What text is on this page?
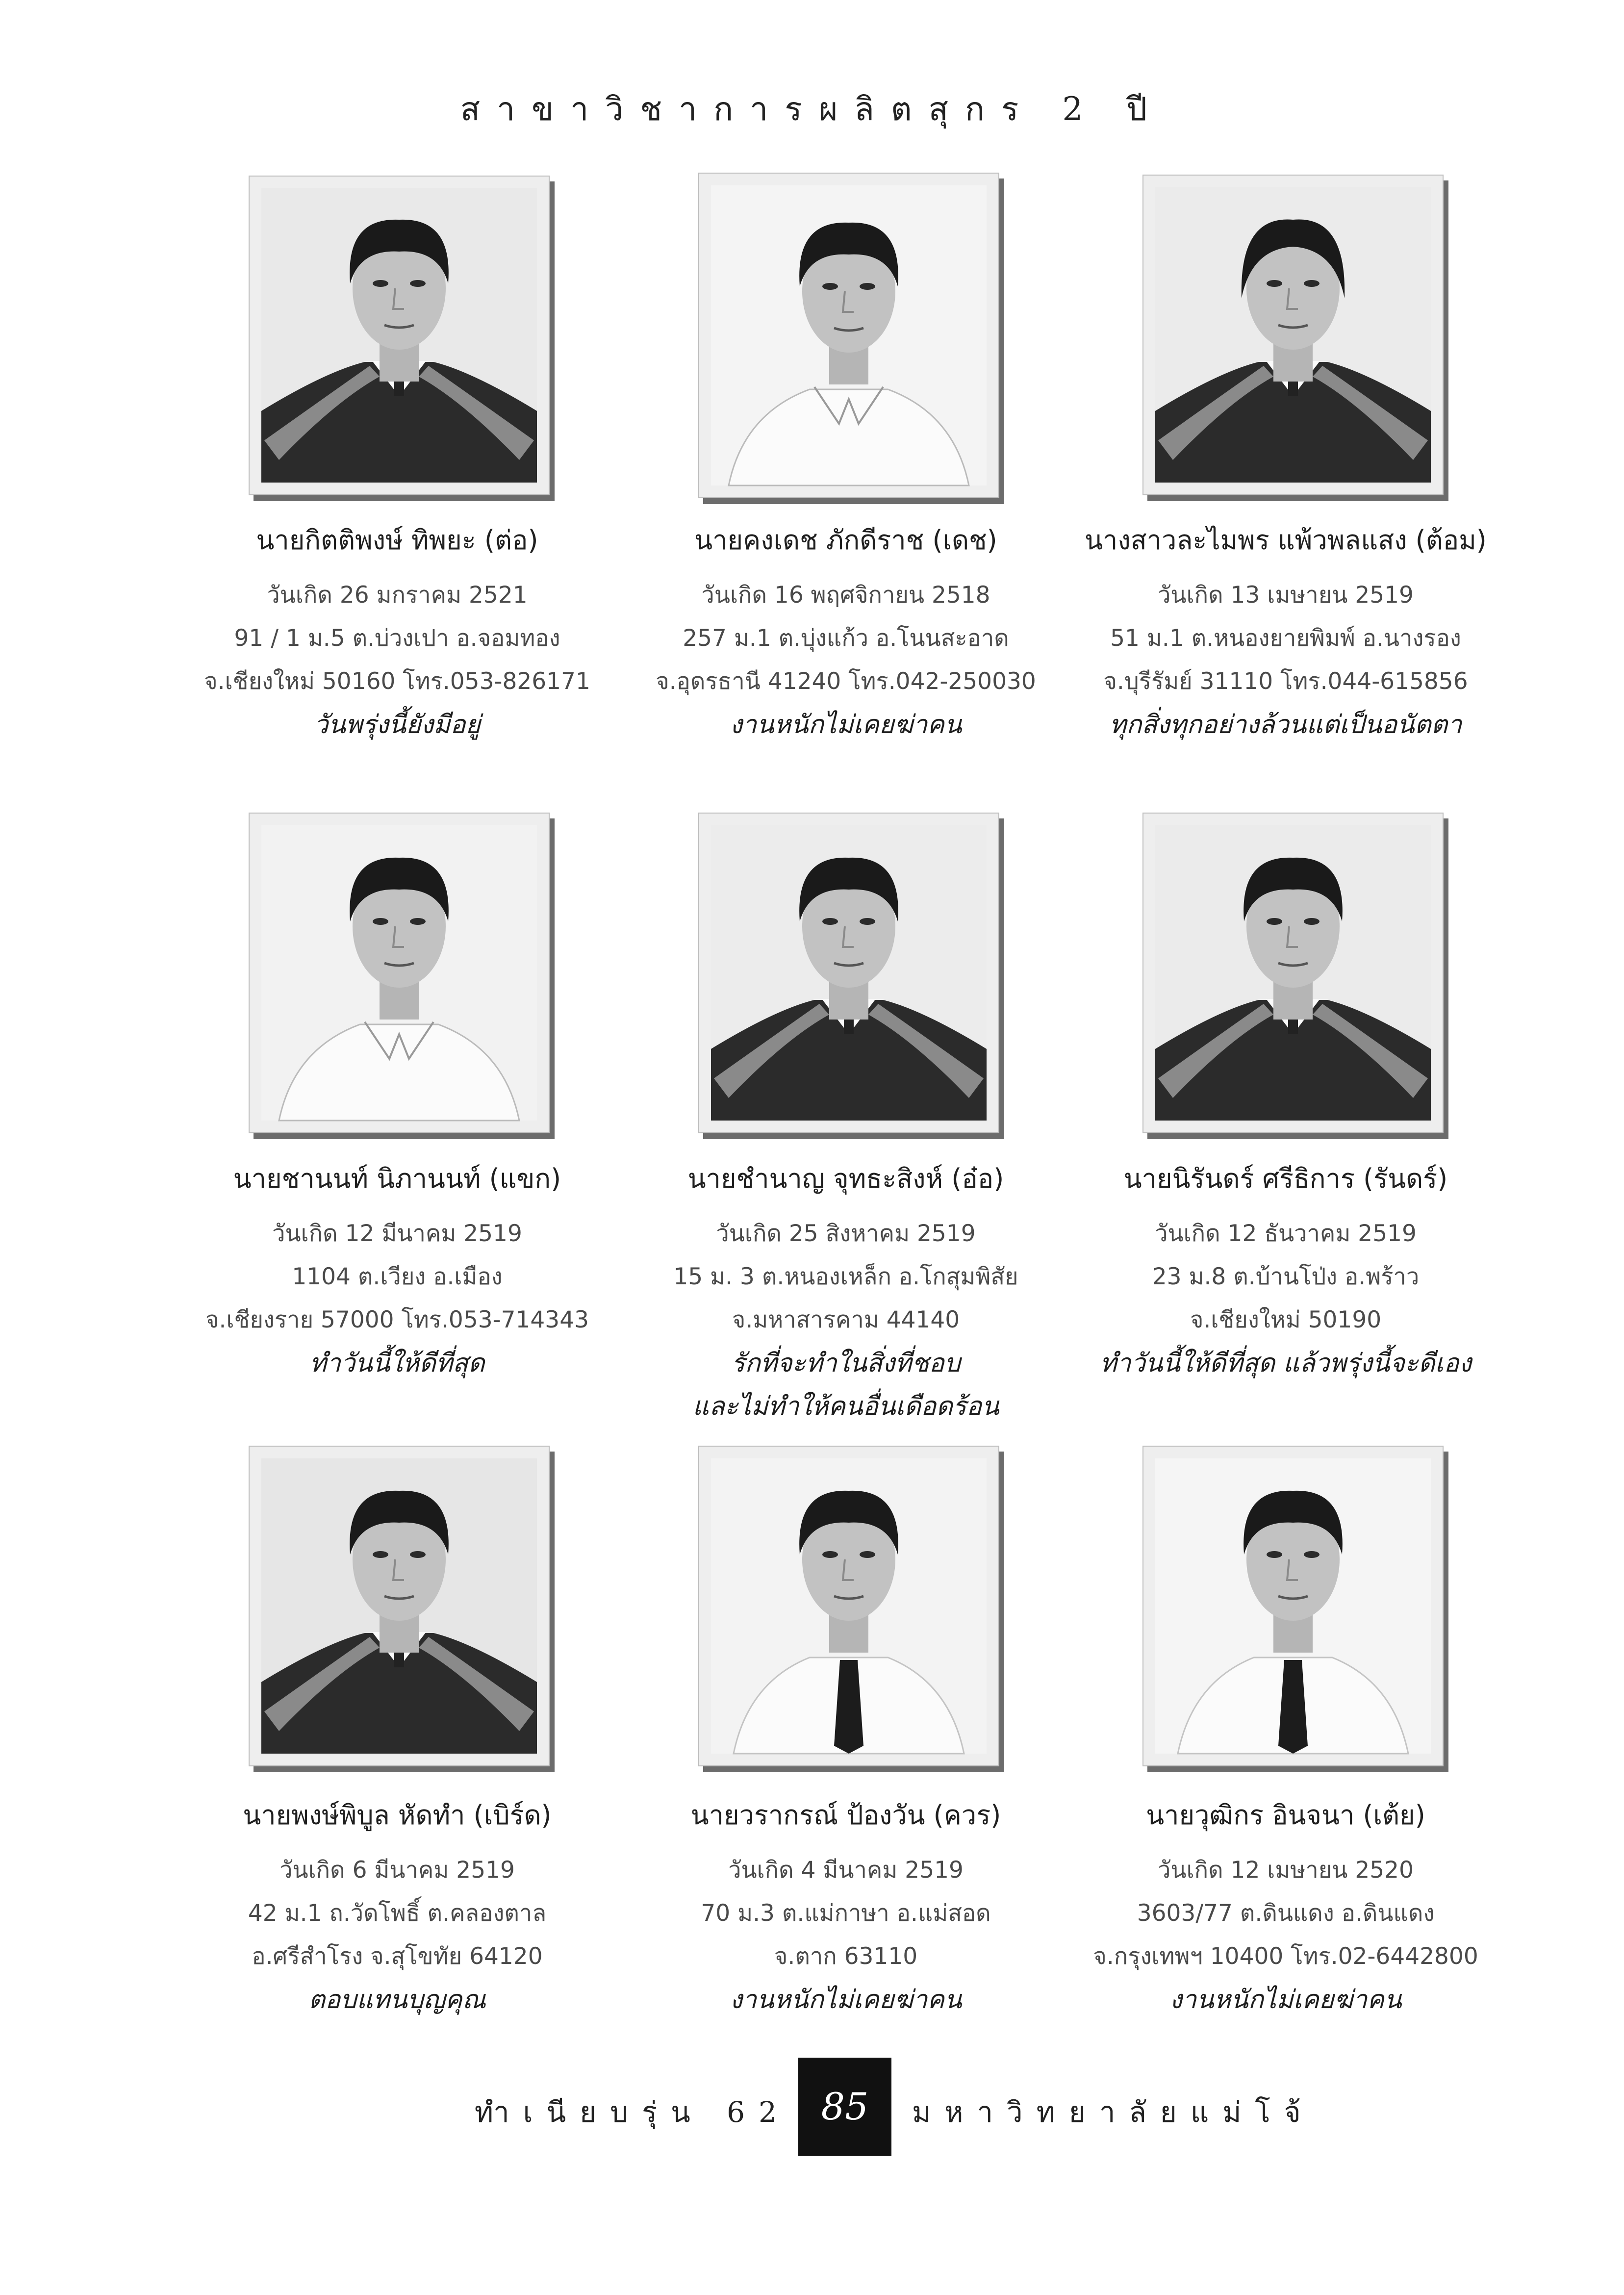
สาขาวิชาการผลิตสุกร 2 ปี
นายกิตติพงษ์ ทิพยะ (ต่อ)
วันเกิด 26 มกราคม 2521
91 / 1 ม.5 ต.บ่วงเปา อ.จอมทอง
จ.เชียงใหม่ 50160 โทร.053-826171
วันพรุ่งนี้ยังมีอยู่
นายคงเดช ภักดีราช (เดช)
วันเกิด 16 พฤศจิกายน 2518
257 ม.1 ต.บุ่งแก้ว อ.โนนสะอาด
จ.อุดรธานี 41240 โทร.042-250030
งานหนักไม่เคยฆ่าคน
นางสาวละไมพร แพ้วพลแสง (ต้อม)
วันเกิด 13 เมษายน 2519
51 ม.1 ต.หนองยายพิมพ์ อ.นางรอง
จ.บุรีรัมย์ 31110 โทร.044-615856
ทุกสิ่งทุกอย่างล้วนแต่เป็นอนัตตา
นายชานนท์ นิภานนท์ (แขก)
วันเกิด 12 มีนาคม 2519
1104 ต.เวียง อ.เมือง
จ.เชียงราย 57000 โทร.053-714343
ทำวันนี้ให้ดีที่สุด
นายชำนาญ จุทธะสิงห์ (อ๋อ)
วันเกิด 25 สิงหาคม 2519
15 ม. 3 ต.หนองเหล็ก อ.โกสุมพิสัย
จ.มหาสารคาม 44140
รักที่จะทำในสิ่งที่ชอบ
และไม่ทำให้คนอื่นเดือดร้อน
นายนิรันดร์ ศรีธิการ (รันดร์)
วันเกิด 12 ธันวาคม 2519
23 ม.8 ต.บ้านโป่ง อ.พร้าว
จ.เชียงใหม่ 50190
ทำวันนี้ให้ดีที่สุด แล้วพรุ่งนี้จะดีเอง
นายพงษ์พิบูล หัดทำ (เบิร์ด)
วันเกิด 6 มีนาคม 2519
42 ม.1 ถ.วัดโพธิ์ ต.คลองตาล
อ.ศรีสำโรง จ.สุโขทัย 64120
ตอบแทนบุญคุณ
นายวรากรณ์ ป้องวัน (ควร)
วันเกิด 4 มีนาคม 2519
70 ม.3 ต.แม่กาษา อ.แม่สอด
จ.ตาก 63110
งานหนักไม่เคยฆ่าคน
นายวุฒิกร อินจนา (เต้ย)
วันเกิด 12 เมษายน 2520
3603/77 ต.ดินแดง อ.ดินแดง
จ.กรุงเทพฯ 10400 โทร.02-6442800
งานหนักไม่เคยฆ่าคน
ทำเนียบรุ่น 62 85	มหาวิทยาลัยแม่โจ้
